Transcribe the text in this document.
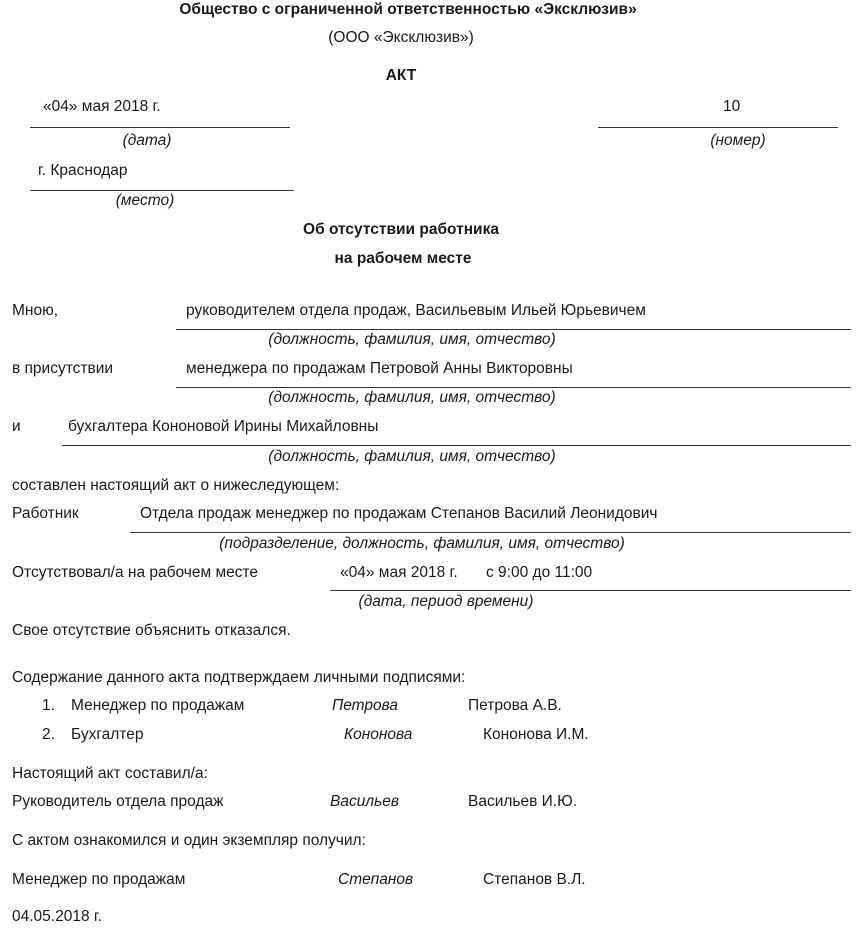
Общество с ограниченной ответственностью «Эксклюзив»
(ООО «Эксклюзив»)
АКТ
«04» мая 2018 г.
(дата)
10
(номер)
г. Краснодар
(место)
Об отсутствии работника
на рабочем месте
Мною,	руководителем отдела продаж, Васильевым Ильей Юрьевичем
(должность, фамилия, имя, отчество)
в присутствии	менеджера по продажам Петровой Анны Викторовны
(должность, фамилия, имя, отчество)
и	бухгалтера Кононовой Ирины Михайловны
(должность, фамилия, имя, отчество)
составлен настоящий акт о нижеследующем:
Работник	Отдела продаж менеджер по продажам Степанов Василий Леонидович
(подразделение, должность, фамилия, имя, отчество)
Отсутствовал/а на рабочем месте	«04» мая 2018 г. с 9:00 до 11:00
(дата, период времени)
Свое отсутствие объяснить отказался.
Содержание данного акта подтверждаем личными подписями:
1. Менеджер по продажам	Петрова	Петрова А.В.
2. Бухгалтер	Кононова	Кононова И.М.
Настоящий акт составил/а:
Руководитель отдела продаж	Васильев	Васильев И.Ю.
С актом ознакомился и один экземпляр получил:
Менеджер по продажам	Степанов	Степанов В.Л.
04.05.2018 г.
